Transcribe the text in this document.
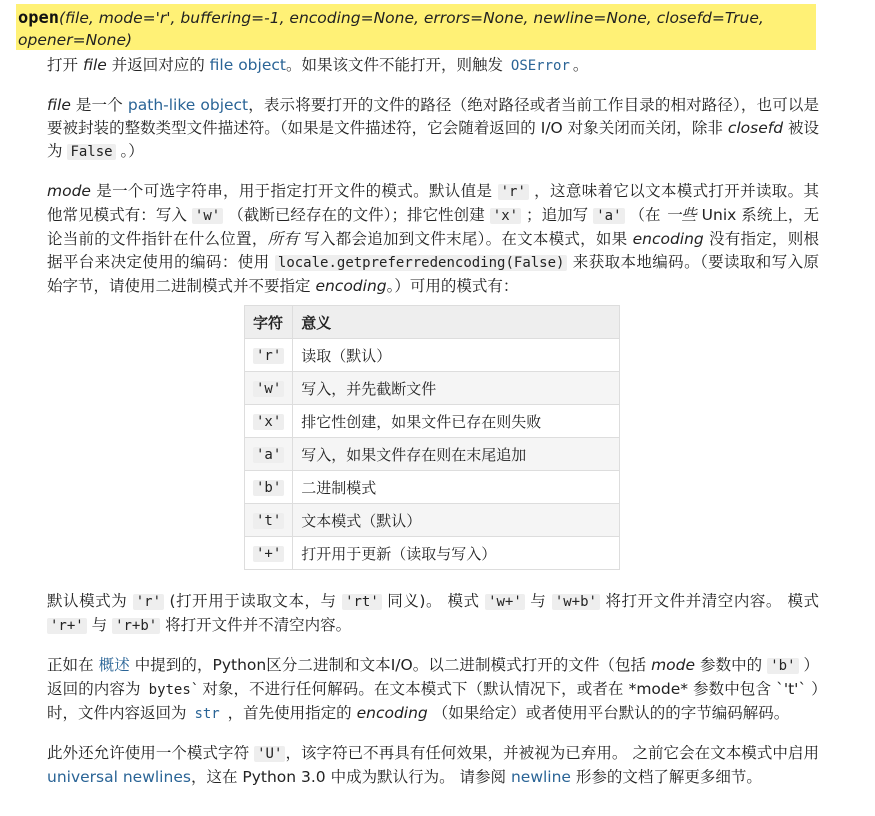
open(file, mode='r', buffering=-1, encoding=None, errors=None, newline=None, closefd=True,
opener=None)

打开 file 并返回对应的 file object。如果该文件不能打开，则触发 OSError 。

file 是一个 path-like object，表示将要打开的文件的路径（绝对路径或者当前工作目录的相对路径），也可以是要被封装的整数类型文件描述符。（如果是文件描述符，它会随着返回的 I/O 对象关闭而关闭，除非 closefd 被设为 False 。）

mode 是一个可选字符串，用于指定打开文件的模式。默认值是 'r' ，这意味着它以文本模式打开并读取。其他常见模式有：写入 'w' （截断已经存在的文件）；排它性创建 'x' ；追加写 'a' （在 一些 Unix 系统上，无论当前的文件指针在什么位置，所有 写入都会追加到文件末尾）。在文本模式，如果 encoding 没有指定，则根据平台来决定使用的编码：使用 locale.getpreferredencoding(False) 来获取本地编码。（要读取和写入原始字节，请使用二进制模式并不要指定 encoding。）可用的模式有：

字符	意义
'r'	读取（默认）
'w'	写入，并先截断文件
'x'	排它性创建，如果文件已存在则失败
'a'	写入，如果文件存在则在末尾追加
'b'	二进制模式
't'	文本模式（默认）
'+'	打开用于更新（读取与写入）

默认模式为 'r' (打开用于读取文本，与 'rt' 同义)。 模式 'w+' 与 'w+b' 将打开文件并清空内容。 模式 'r+' 与 'r+b' 将打开文件并不清空内容。

正如在 概述 中提到的，Python区分二进制和文本I/O。以二进制模式打开的文件（包括 mode 参数中的 'b' ）返回的内容为 bytes` 对象，不进行任何解码。在文本模式下（默认情况下，或者在 *mode* 参数中包含 `'t'` ）时，文件内容返回为 str ，首先使用指定的 encoding （如果给定）或者使用平台默认的的字节编码解码。

此外还允许使用一个模式字符 'U' ，该字符已不再具有任何效果，并被视为已弃用。 之前它会在文本模式中启用 universal newlines，这在 Python 3.0 中成为默认行为。 请参阅 newline 形参的文档了解更多细节。
